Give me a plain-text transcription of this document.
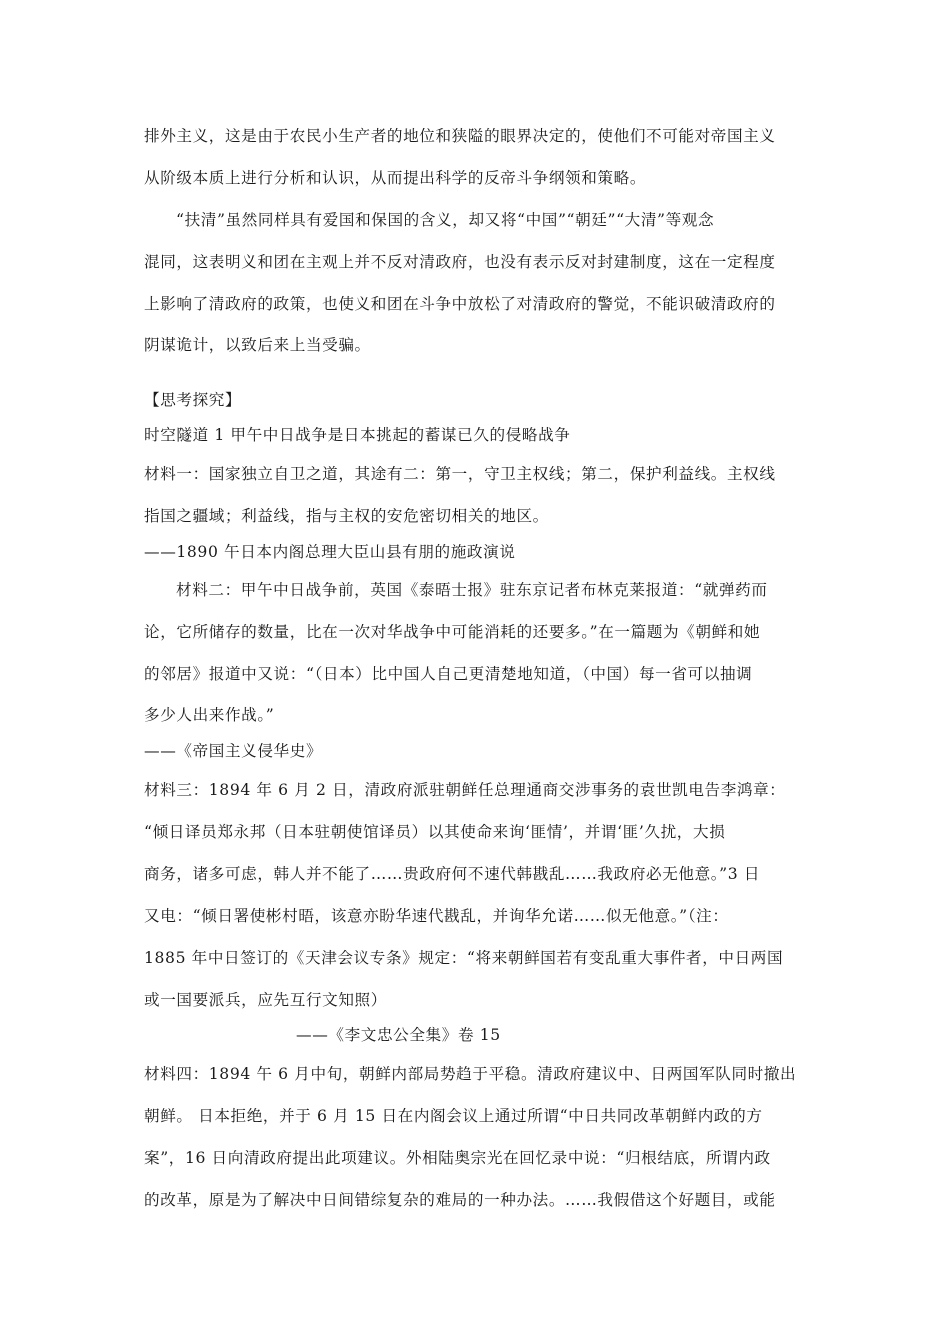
排外主义，这是由于农民小生产者的地位和狭隘的眼界决定的，使他们不可能对帝国主义
从阶级本质上进行分析和认识，从而提出科学的反帝斗争纲领和策略。
“扶清”虽然同样具有爱国和保国的含义，却又将“中国”“朝廷”“大清”等观念
混同，这表明义和团在主观上并不反对清政府，也没有表示反对封建制度，这在一定程度
上影响了清政府的政策，也使义和团在斗争中放松了对清政府的警觉，不能识破清政府的
阴谋诡计，以致后来上当受骗。
【思考探究】
时空隧道 1 甲午中日战争是日本挑起的蓄谋已久的侵略战争
材料一：国家独立自卫之道，其途有二：第一，守卫主权线；第二，保护利益线。主权线
指国之疆域；利益线，指与主权的安危密切相关的地区。
——1890 午日本内阁总理大臣山县有朋的施政演说
材料二：甲午中日战争前，英国《泰晤士报》驻东京记者布林克莱报道：“就弹药而
论，它所储存的数量，比在一次对华战争中可能消耗的还要多。”在一篇题为《朝鲜和她
的邻居》报道中又说：“（日本）比中国人自己更清楚地知道，（中国）每一省可以抽调
多少人出来作战。”
——《帝国主义侵华史》
材料三：1894 年 6 月 2 日，清政府派驻朝鲜任总理通商交涉事务的袁世凯电告李鸿章：
“倾日译员郑永邦（日本驻朝使馆译员）以其使命来询‘匪情’，并谓‘匪’久扰，大损
商务，诸多可虑，韩人并不能了……贵政府何不速代韩戡乱……我政府必无他意。”3 日
又电：“倾日署使彬村晤，该意亦盼华速代戡乱，并询华允诺……似无他意。”（注：
1885 年中日签订的《天津会议专条》规定：“将来朝鲜国若有变乱重大事件者，中日两国
或一国要派兵，应先互行文知照）
——《李文忠公全集》卷 15
材料四：1894 午 6 月中旬，朝鲜内部局势趋于平稳。清政府建议中、日两国军队同时撤出
朝鲜。 日本拒绝，并于 6 月 15 日在内阁会议上通过所谓“中日共同改革朝鲜内政的方
案”，16 日向清政府提出此项建议。外相陆奥宗光在回忆录中说：“归根结底，所谓内政
的改革，原是为了解决中日间错综复杂的难局的一种办法。……我假借这个好题目，或能
